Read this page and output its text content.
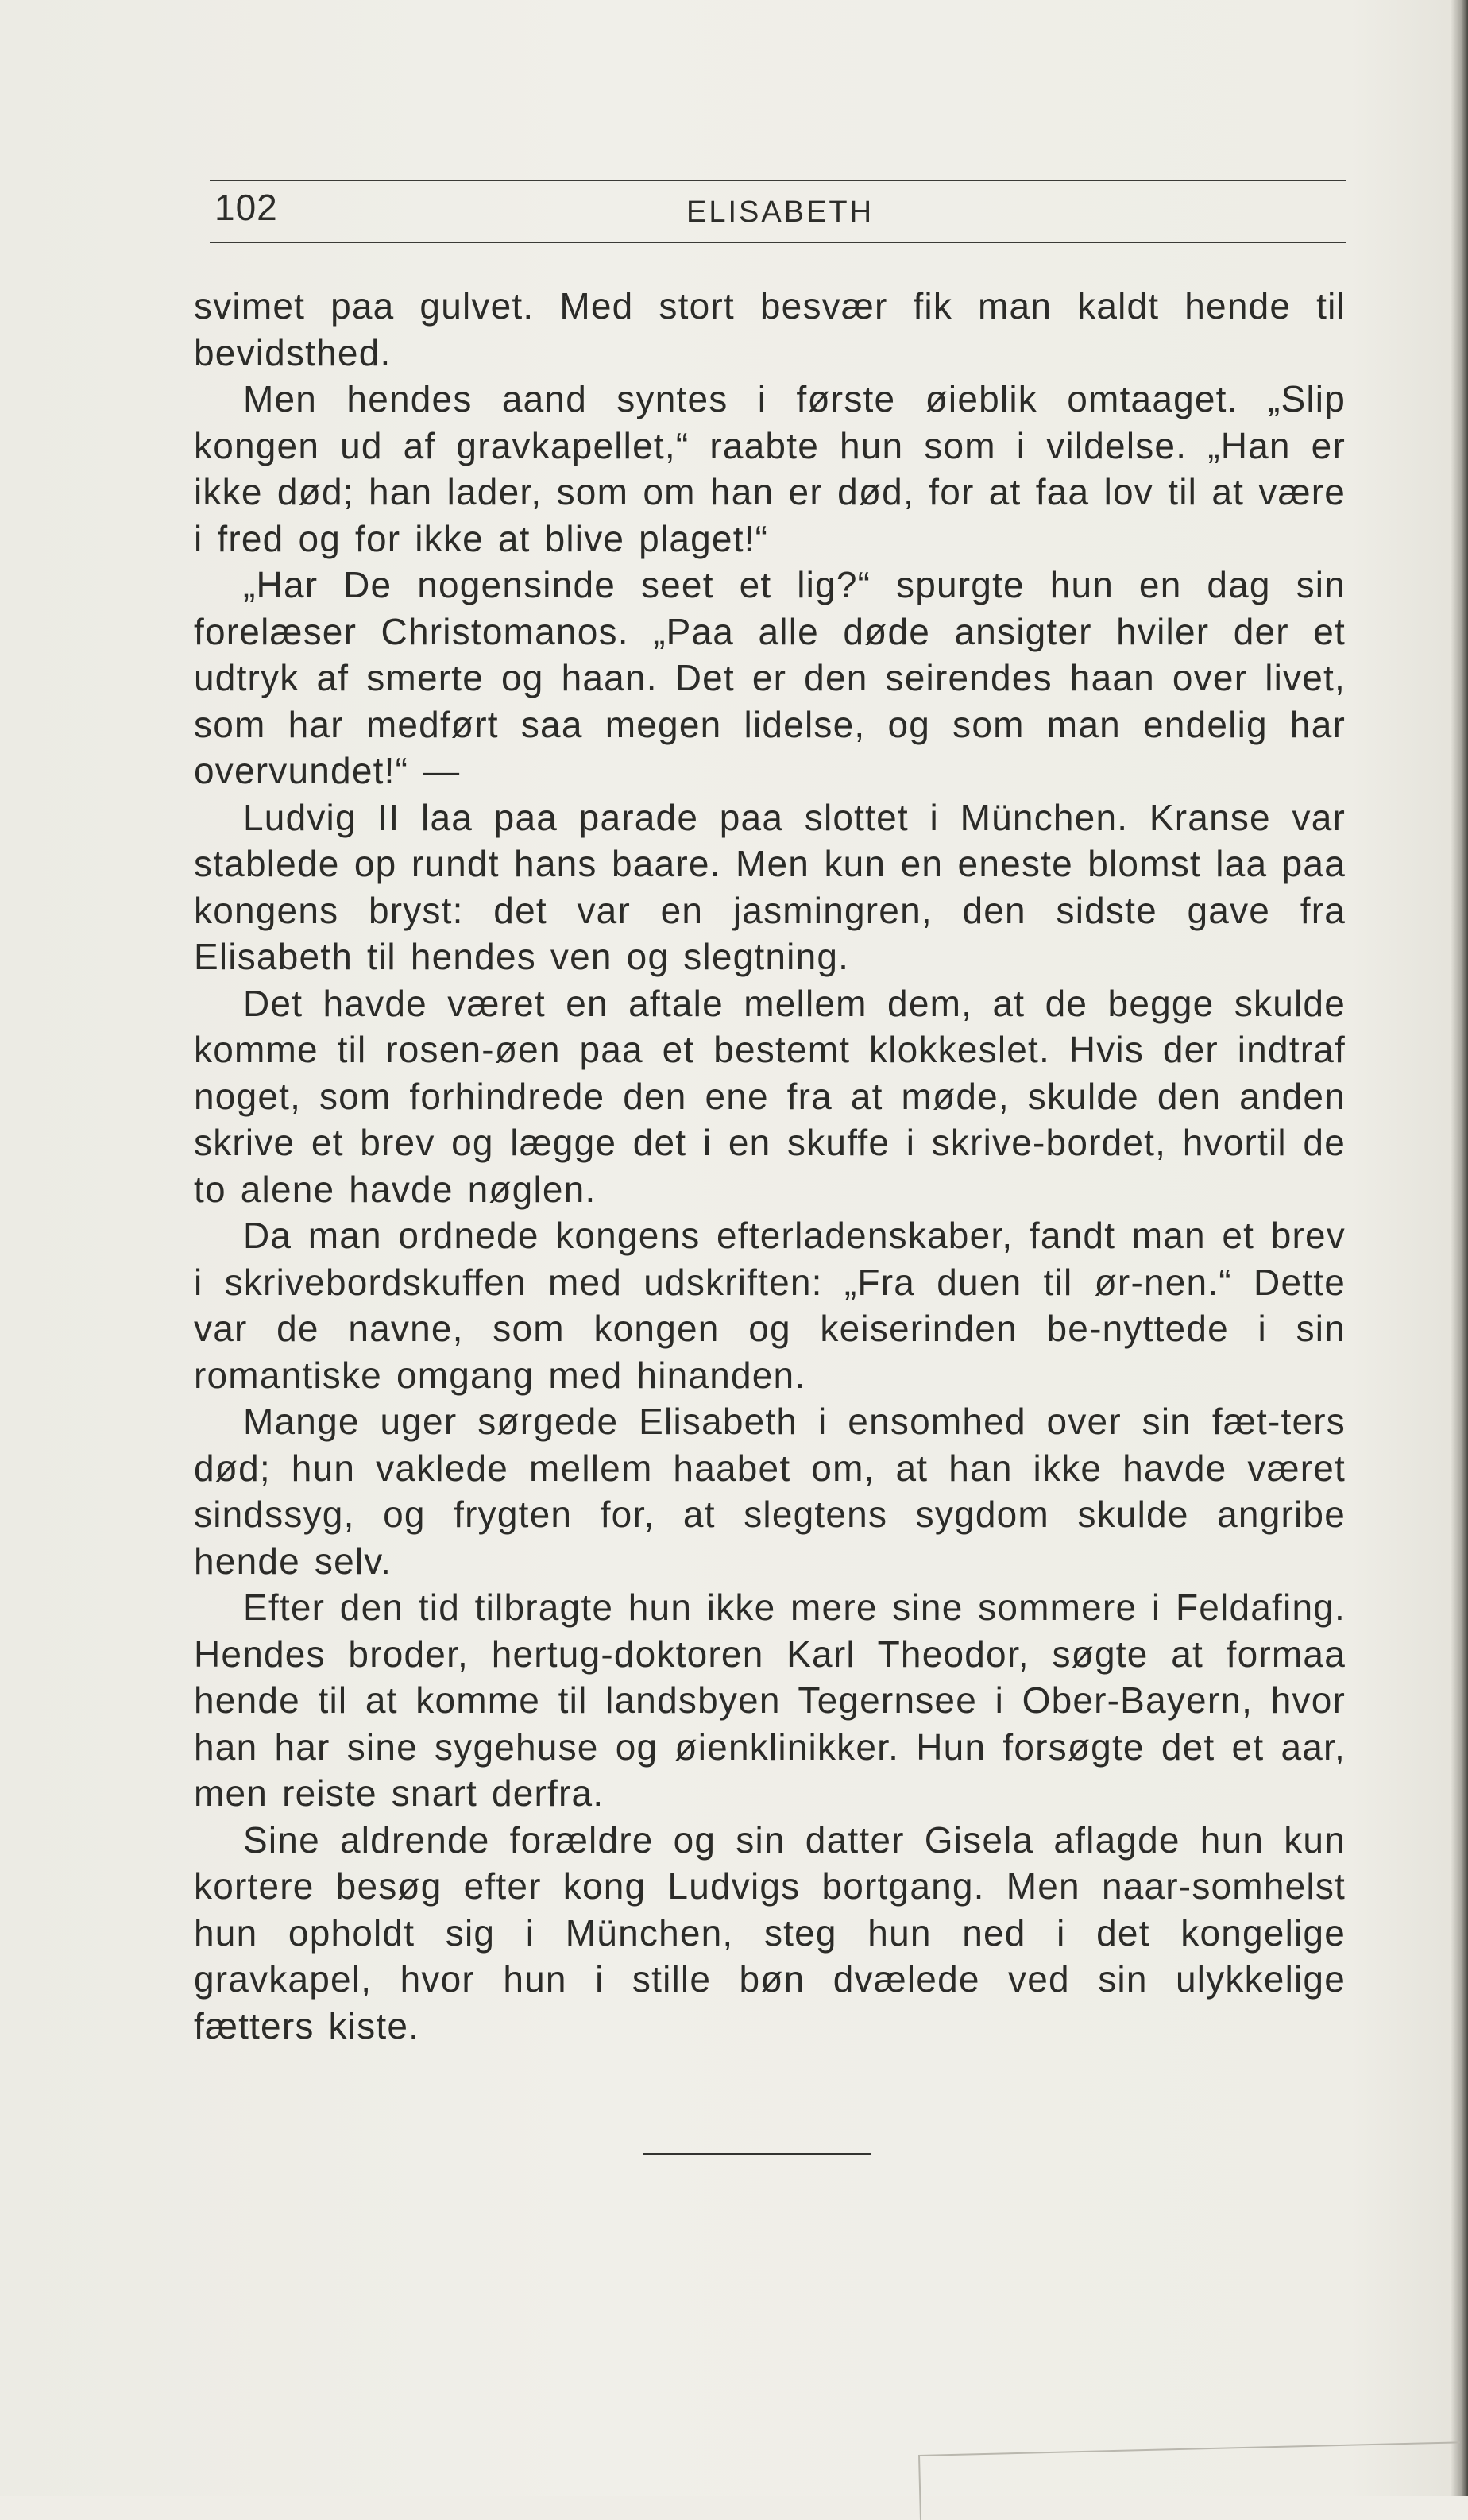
102	ELISABETH

svimet paa gulvet. Med stort besvær fik man kaldt hende til bevidsthed.

Men hendes aand syntes i første øieblik omtaaget. „Slip kongen ud af gravkapellet,“ raabte hun som i vildelse. „Han er ikke død; han lader, som om han er død, for at faa lov til at være i fred og for ikke at blive plaget!“

„Har De nogensinde seet et lig?“ spurgte hun en dag sin forelæser Christomanos. „Paa alle døde ansigter hviler der et udtryk af smerte og haan. Det er den seirendes haan over livet, som har medført saa megen lidelse, og som man endelig har overvundet!“ —

Ludvig II laa paa parade paa slottet i München. Kranse var stablede op rundt hans baare. Men kun en eneste blomst laa paa kongens bryst: det var en jasmingren, den sidste gave fra Elisabeth til hendes ven og slegtning.

Det havde været en aftale mellem dem, at de begge skulde komme til rosen-øen paa et bestemt klokkeslet. Hvis der indtraf noget, som forhindrede den ene fra at møde, skulde den anden skrive et brev og lægge det i en skuffe i skrive-bordet, hvortil de to alene havde nøglen.

Da man ordnede kongens efterladenskaber, fandt man et brev i skrivebordskuffen med udskriften: „Fra duen til ør-nen.“ Dette var de navne, som kongen og keiserinden be-nyttede i sin romantiske omgang med hinanden.

Mange uger sørgede Elisabeth i ensomhed over sin fæt-ters død; hun vaklede mellem haabet om, at han ikke havde været sindssyg, og frygten for, at slegtens sygdom skulde angribe hende selv.

Efter den tid tilbragte hun ikke mere sine sommere i Feldafing. Hendes broder, hertug-doktoren Karl Theodor, søgte at formaa hende til at komme til landsbyen Tegernsee i Ober-Bayern, hvor han har sine sygehuse og øienklinikker. Hun forsøgte det et aar, men reiste snart derfra.

Sine aldrende forældre og sin datter Gisela aflagde hun kun kortere besøg efter kong Ludvigs bortgang. Men naar-somhelst hun opholdt sig i München, steg hun ned i det kongelige gravkapel, hvor hun i stille bøn dvælede ved sin ulykkelige fætters kiste.
